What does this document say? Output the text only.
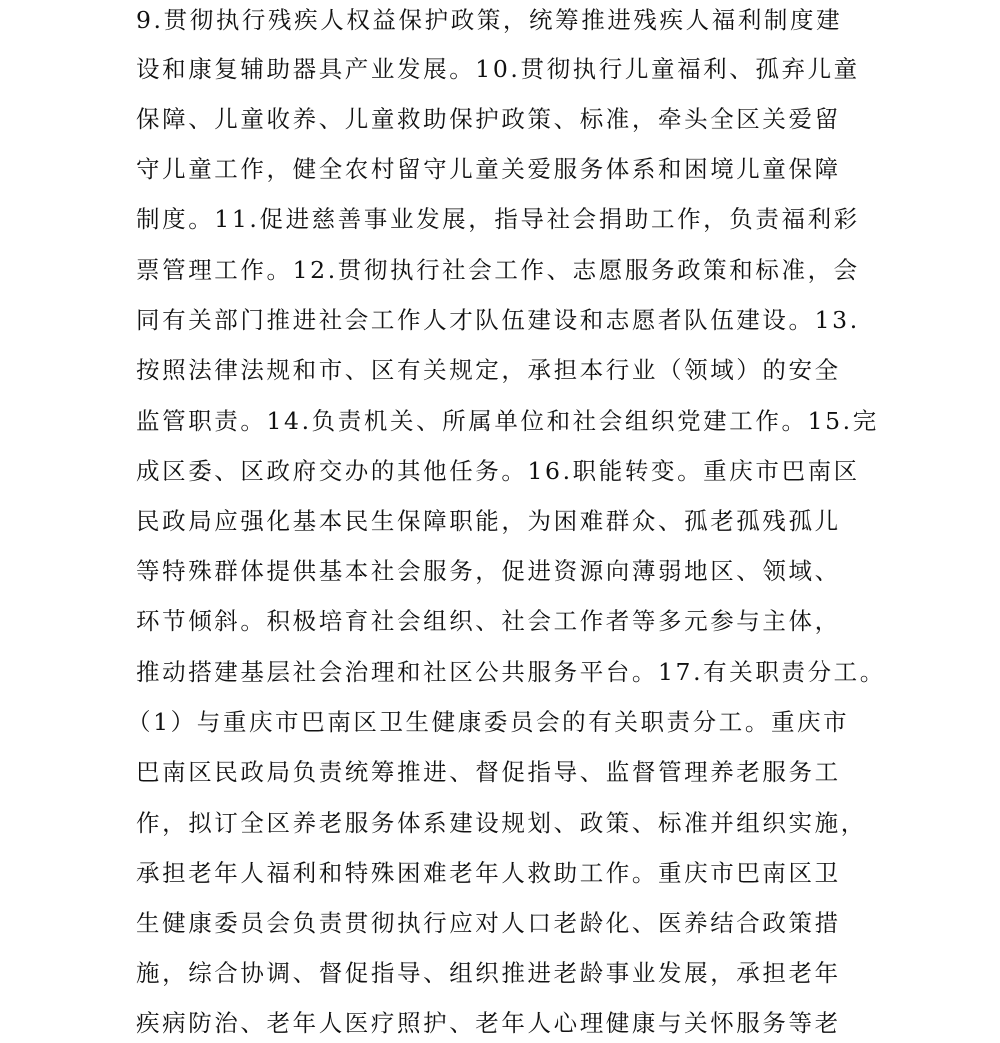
9.贯彻执行残疾人权益保护政策，统筹推进残疾人福利制度建
设和康复辅助器具产业发展。10.贯彻执行儿童福利、孤弃儿童
保障、儿童收养、儿童救助保护政策、标准，牵头全区关爱留
守儿童工作，健全农村留守儿童关爱服务体系和困境儿童保障
制度。11.促进慈善事业发展，指导社会捐助工作，负责福利彩
票管理工作。12.贯彻执行社会工作、志愿服务政策和标准，会
同有关部门推进社会工作人才队伍建设和志愿者队伍建设。13.
按照法律法规和市、区有关规定，承担本行业（领域）的安全
监管职责。14.负责机关、所属单位和社会组织党建工作。15.完
成区委、区政府交办的其他任务。16.职能转变。重庆市巴南区
民政局应强化基本民生保障职能，为困难群众、孤老孤残孤儿
等特殊群体提供基本社会服务，促进资源向薄弱地区、领域、
环节倾斜。积极培育社会组织、社会工作者等多元参与主体，
推动搭建基层社会治理和社区公共服务平台。17.有关职责分工。
（1）与重庆市巴南区卫生健康委员会的有关职责分工。重庆市
巴南区民政局负责统筹推进、督促指导、监督管理养老服务工
作，拟订全区养老服务体系建设规划、政策、标准并组织实施，
承担老年人福利和特殊困难老年人救助工作。重庆市巴南区卫
生健康委员会负责贯彻执行应对人口老龄化、医养结合政策措
施，综合协调、督促指导、组织推进老龄事业发展，承担老年
疾病防治、老年人医疗照护、老年人心理健康与关怀服务等老
